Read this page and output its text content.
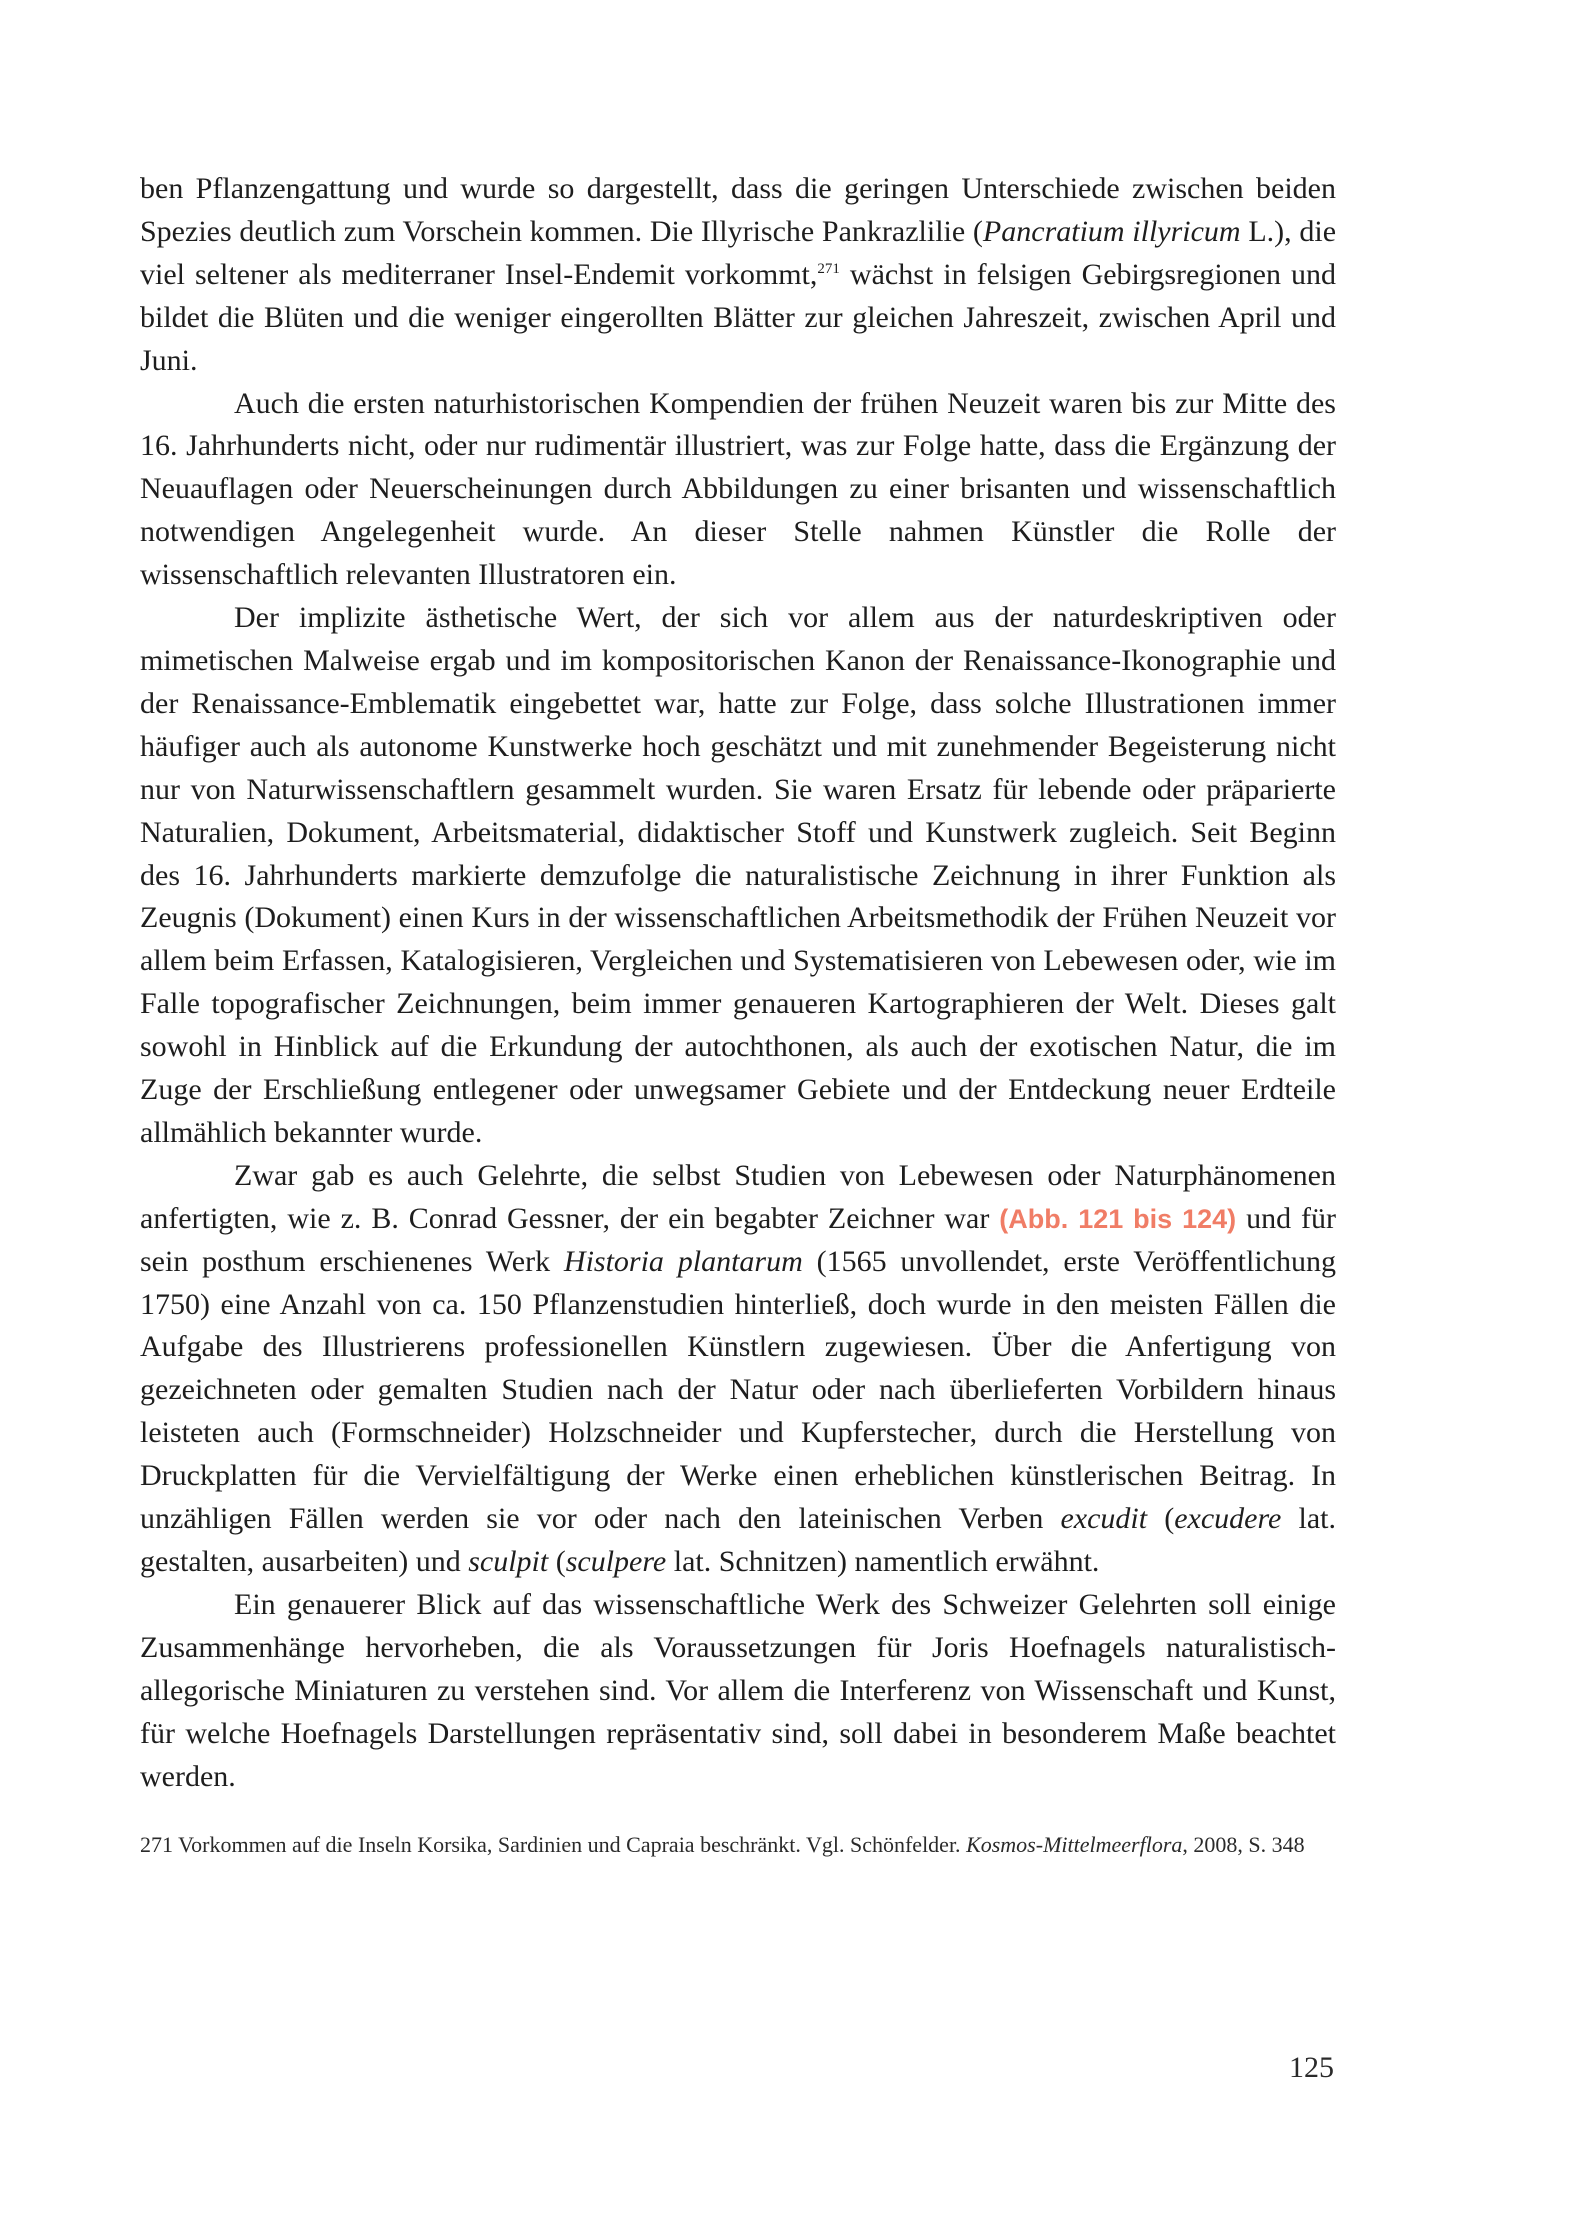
ben Pflanzengattung und wurde so dargestellt, dass die geringen Unterschiede zwischen beiden Spezies deutlich zum Vorschein kommen. Die Illyrische Pankrazlilie (Pancratium illyricum L.), die viel seltener als mediterraner Insel-Endemit vorkommt,$^{271}$ wächst in felsigen Gebirgsregionen und bildet die Blüten und die weniger eingerollten Blätter zur gleichen Jahreszeit, zwischen April und Juni.

Auch die ersten naturhistorischen Kompendien der frühen Neuzeit waren bis zur Mitte des 16. Jahrhunderts nicht, oder nur rudimentär illustriert, was zur Folge hatte, dass die Ergänzung der Neuauflagen oder Neuerscheinungen durch Abbildungen zu einer brisanten und wissenschaftlich notwendigen Angelegenheit wurde. An dieser Stelle nahmen Künstler die Rolle der wissenschaftlich relevanten Illustratoren ein.

Der implizite ästhetische Wert, der sich vor allem aus der naturdeskriptiven oder mimetischen Malweise ergab und im kompositorischen Kanon der Renaissance-Ikonographie und der Renaissance-Emblematik eingebettet war, hatte zur Folge, dass solche Illustrationen immer häufiger auch als autonome Kunstwerke hoch geschätzt und mit zunehmender Begeisterung nicht nur von Naturwissenschaftlern gesammelt wurden. Sie waren Ersatz für lebende oder präparierte Naturalien, Dokument, Arbeitsmaterial, didaktischer Stoff und Kunstwerk zugleich. Seit Beginn des 16. Jahrhunderts markierte demzufolge die naturalistische Zeichnung in ihrer Funktion als Zeugnis (Dokument) einen Kurs in der wissenschaftlichen Arbeitsmethodik der Frühen Neuzeit vor allem beim Erfassen, Katalogisieren, Vergleichen und Systematisieren von Lebewesen oder, wie im Falle topografischer Zeichnungen, beim immer genaueren Kartographieren der Welt. Dieses galt sowohl in Hinblick auf die Erkundung der autochthonen, als auch der exotischen Natur, die im Zuge der Erschließung entlegener oder unwegsamer Gebiete und der Entdeckung neuer Erdteile allmählich bekannter wurde.

Zwar gab es auch Gelehrte, die selbst Studien von Lebewesen oder Naturphänomenen anfertigten, wie z. B. Conrad Gessner, der ein begabter Zeichner war (Abb. 121 bis 124) und für sein posthum erschienenes Werk Historia plantarum (1565 unvollendet, erste Veröffentlichung 1750) eine Anzahl von ca. 150 Pflanzenstudien hinterließ, doch wurde in den meisten Fällen die Aufgabe des Illustrierens professionellen Künstlern zugewiesen. Über die Anfertigung von gezeichneten oder gemalten Studien nach der Natur oder nach überlieferten Vorbildern hinaus leisteten auch (Formschneider) Holzschneider und Kupferstecher, durch die Herstellung von Druckplatten für die Vervielfältigung der Werke einen erheblichen künstlerischen Beitrag. In unzähligen Fällen werden sie vor oder nach den lateinischen Verben excudit (excudere lat. gestalten, ausarbeiten) und sculpit (sculpere lat. Schnitzen) namentlich erwähnt.

Ein genauerer Blick auf das wissenschaftliche Werk des Schweizer Gelehrten soll einige Zusammenhänge hervorheben, die als Voraussetzungen für Joris Hoefnagels naturalistisch-allegorische Miniaturen zu verstehen sind. Vor allem die Interferenz von Wissenschaft und Kunst, für welche Hoefnagels Darstellungen repräsentativ sind, soll dabei in besonderem Maße beachtet werden.

271 Vorkommen auf die Inseln Korsika, Sardinien und Capraia beschränkt. Vgl. Schönfelder. Kosmos-Mittelmeerflora, 2008, S. 348

125
